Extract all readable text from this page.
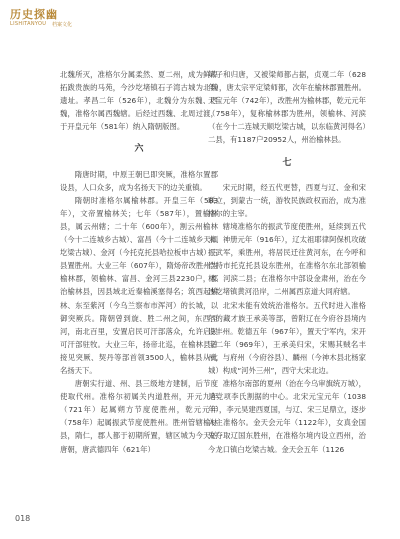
历史探幽
LISHITANYOU 档案文化

北魏所灭，准格尔分属柔然、夏二州，成为鲜卑拓跋贵族的马苑，今沙圪堵镇石子湾古城为北魏遗址。孝昌二年（526年），北魏分为东魏、西魏，准格尔属西魏辖。后经过西魏、北周过渡，于开皇元年（581年）纳入隋朝版图。

六

隋唐时期，中原王朝巳即突厥，准格尔置郡设县，人口众多，成为名扬天下的边关重镇。

隋朝时准格尔属榆林郡。开皇三年（583年），文帝置榆林关；七年（587年），置榆林县，属云州辖；二十年（600年），割云州榆林（今十二连城乡古城）、富昌（今十二连城乡天顺圪梁古城）、金河（今托克托县哈拉板申古城）三县置胜州。大业三年（607年），隋炀帝改胜州为榆林郡，领榆林、富昌、金河三县2230户，郡治榆林县，因县域北近秦榆溪塞得名；筑西起榆林、东至紫河（今乌兰察布市浑河）的长城，以御突厥兵。隋朝曾到旋、胜二州之间，东西至河，南北百里，安置启民可汗部落众，允许启民可汗部驻牧。大业三年，扬帝北巡，在榆林县曾接见突厥、契丹等部首领3500人，榆林县从此名扬天下。

唐朝实行道、州、县三级地方建制，后节度使取代州。准格尔初属关内道胜州，开元九年（721年）起属朔方节度使胜州，乾元元年（758年）起属振武节度使胜州。胜州管辖榆林县，隋仁，郡人都于初期所置，辖区城为今天的唐朝，唐武德四年（621年）

第子和归唐，又被梁师都占据，贞观二年（628年），唐太宗平定梁师都，次年在榆林郡置胜州。天宝元年（742年），改胜州为榆林郡，乾元元年（758年），复称榆林郡为胜州，领榆林、河滨（在今十二连城天顺圪梁古城，以东临黄河得名）二县，有1187户20952人，州治榆林县。

七

宋元时期，经五代更替，西夏与辽、金和宋联立，到蒙古一统，游牧民族政权而治，成为准格尔的主宰。

辖境准格尔的振武节度使胜州，延续到五代末。神册元年（916年），辽太祖耶律阿保机攻破振武军，乘胜州，将居民迁往黄河东，在今呼和浩特市托克托县设东胜州，在准格尔东北部领榆林、河滨二县；在准格尔中部设金肃州，治在今沙圪堵镇黄河沿岸，二州属西京道大同府辖。

北宋未能有效统治准格尔。五代时进入准格尔的藏才族王承美等部，曾附辽在今府谷县境内设丰州。乾德五年（967年），置天宁军内，宋开宝二年（969年），王承美归宋，宋赐其贼名丰州，与府州（今府谷县）、麟州（今神木县北杨家城）构成“河外三州”，西守大宋北边。

准格尔南部的夏州（治在今乌审旗统万城），是党项李氏割据的中心。北宋元宝元年（1038年），李元昊建西夏国，与辽、宋三足鼎立，逐步入主准格尔。金天会元年（1122年），女真金国先夺取辽国东胜州，在准格尔境内设立西州，治今龙口镇白圪梁古城。金天会五年（1126

018
